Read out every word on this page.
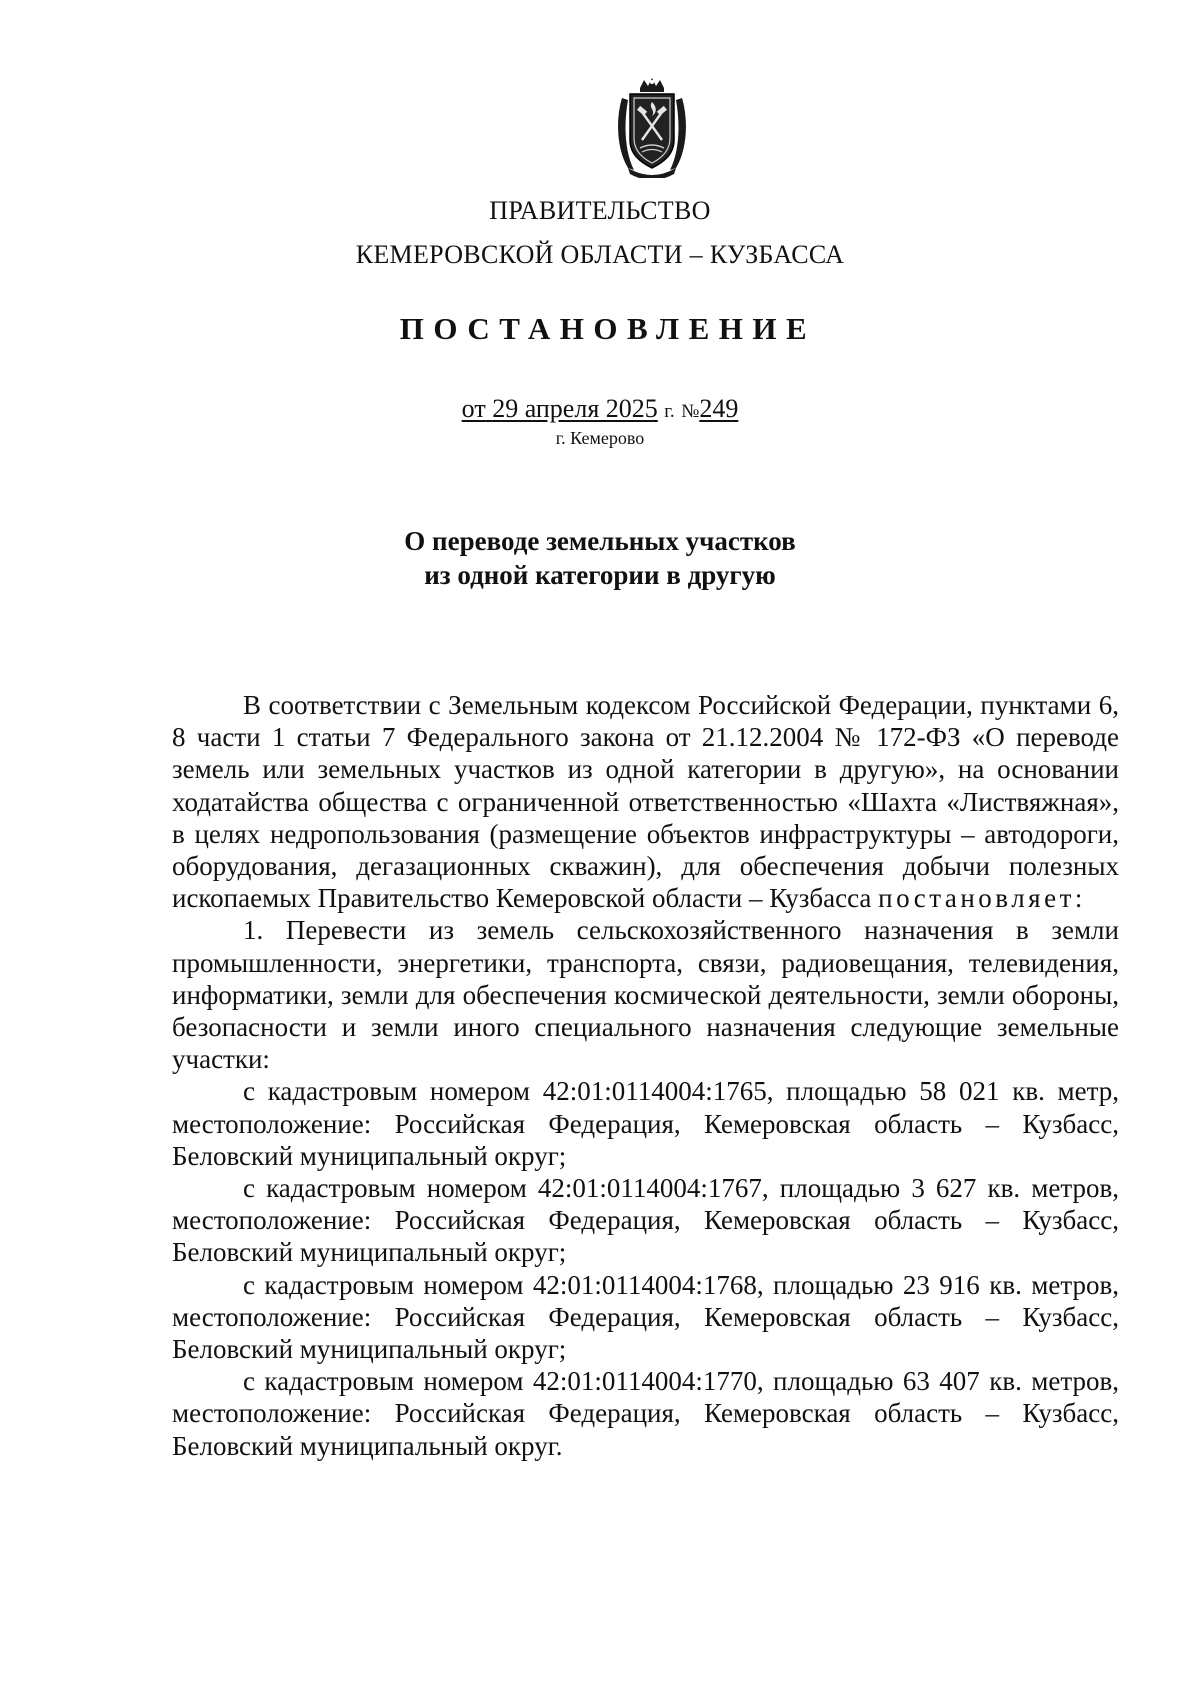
ПРАВИТЕЛЬСТВО
КЕМЕРОВСКОЙ ОБЛАСТИ – КУЗБАССА
ПОСТАНОВЛЕНИЕ
от 29 апреля 2025 г. №249
г. Кемерово
О переводе земельных участков
из одной категории в другую

В соответствии с Земельным кодексом Российской Федерации, пунктами 6, 8 части 1 статьи 7 Федерального закона от 21.12.2004 № 172-ФЗ «О переводе земель или земельных участков из одной категории в другую», на основании ходатайства общества с ограниченной ответственностью «Шахта «Листвяжная», в целях недропользования (размещение объектов инфраструктуры – автодороги, оборудования, дегазационных скважин), для обеспечения добычи полезных ископаемых Правительство Кемеровской области – Кузбасса постановляет:

1. Перевести из земель сельскохозяйственного назначения в земли промышленности, энергетики, транспорта, связи, радиовещания, телевидения, информатики, земли для обеспечения космической деятельности, земли обороны, безопасности и земли иного специального назначения следующие земельные участки:

с кадастровым номером 42:01:0114004:1765, площадью 58 021 кв. метр, местоположение: Российская Федерация, Кемеровская область – Кузбасс, Беловский муниципальный округ;

с кадастровым номером 42:01:0114004:1767, площадью 3 627 кв. метров, местоположение: Российская Федерация, Кемеровская область – Кузбасс, Беловский муниципальный округ;

с кадастровым номером 42:01:0114004:1768, площадью 23 916 кв. метров, местоположение: Российская Федерация, Кемеровская область – Кузбасс, Беловский муниципальный округ;

с кадастровым номером 42:01:0114004:1770, площадью 63 407 кв. метров, местоположение: Российская Федерация, Кемеровская область – Кузбасс, Беловский муниципальный округ.
